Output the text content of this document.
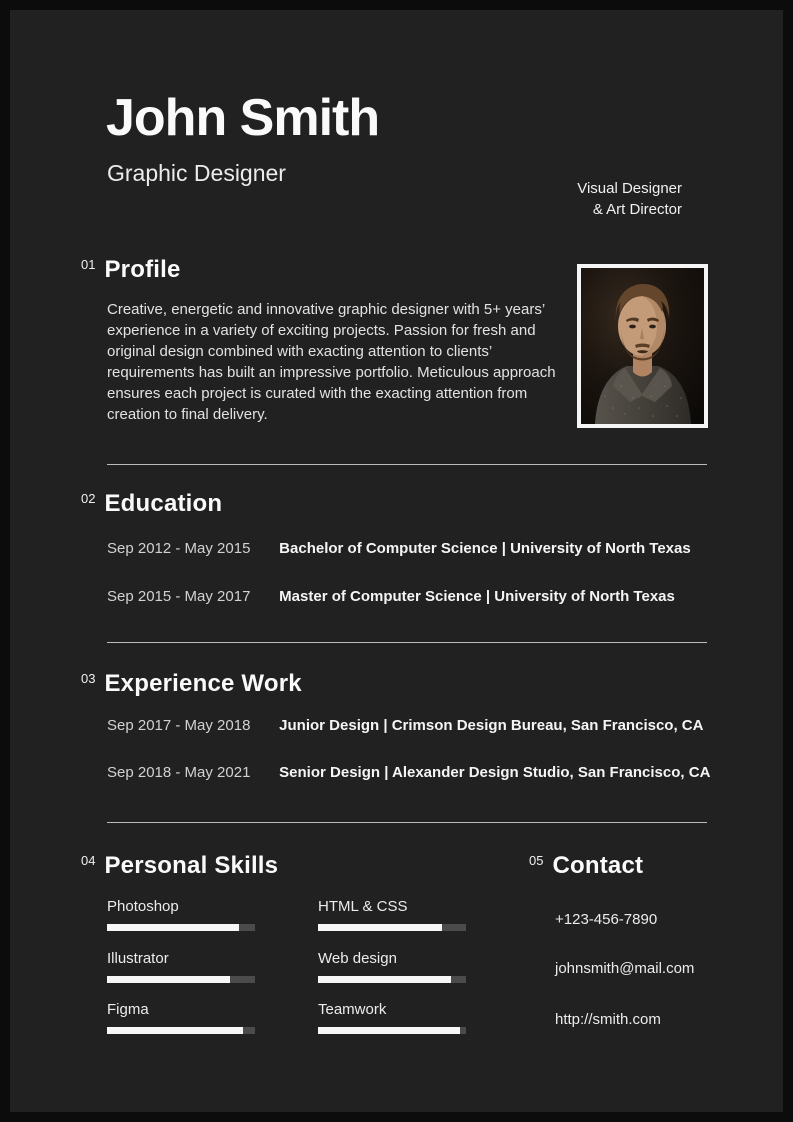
John Smith
Graphic Designer
Visual Designer
& Art Director
$^{01}$ Profile

Creative, energetic and innovative graphic designer with 5+ years’ experience in a variety of exciting projects. Passion for fresh and original design combined with exacting attention to clients’ requirements has built an impressive portfolio. Meticulous approach ensures each project is curated with the exacting attention from creation to final delivery.

$^{02}$ Education
Sep 2012 - May 2015 Bachelor of Computer Science | University of North Texas
Sep 2015 - May 2017 Master of Computer Science | University of North Texas
$^{03}$ Experience Work
Sep 2017 - May 2018 Junior Design | Crimson Design Bureau, San Francisco, CA
Sep 2018 - May 2021 Senior Design | Alexander Design Studio, San Francisco, CA
$^{04}$ Personal Skills
Photoshop	HTML & CSS
Illustrator	Web design
Figma	Teamwork
$^{05}$ Contact
+123-456-7890
johnsmith@mail.com
http://smith.com
